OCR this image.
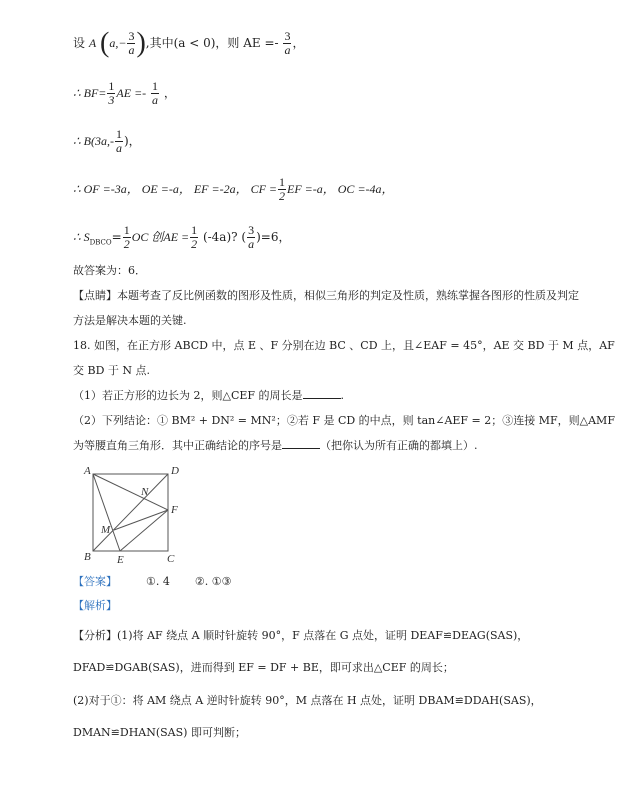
设 A ($a,- \frac{3}{a}$ ),其中(a < 0)，则 AE =- $\frac{3}{a}$ ，
∴ $BF= \frac{1}{3}$ AE =- $\frac{1}{a}$ ，
∴ $B(3a,- \frac{1}{a}$ )，
∴ OF =-3a， OE =-a， EF =-2a， CF = $\frac{1}{2}$ EF =-a， OC =-4a，
∴ $S_{DBCO}= \frac{1}{2}$ OC 创AE = $\frac{1}{2} (-4a)$? ( $\frac{3}{a} )=6$，
故答案为：6．
【点睛】本题考查了反比例函数的图形及性质，相似三角形的判定及性质，熟练掌握各图形的性质及判定
方法是解决本题的关键.
18. 如图，在正方形 ABCD 中，点 E 、F 分别在边 BC 、CD 上，且∠EAF = 45°，AE 交 BD 于 M 点，AF
交 BD 于 N 点.
（1）若正方形的边长为 2，则△CEF 的周长是	.
（2）下列结论：① BM² + DN² = MN²；②若 F 是 CD 的中点，则 tan∠AEF = 2；③连接 MF，则△AMF
为等腰直角三角形．其中正确结论的序号是	（把你认为所有正确的都填上）.
A	D
B	C
E
F
N
M
【答案】	①. 4 ②. ①③
【解析】
【分析】(1)将 AF 绕点 A 顺时针旋转 90°，F 点落在 G 点处，证明 DEAF≌DEAG(SAS)，
DFAD≌DGAB(SAS)，进而得到 EF = DF + BE，即可求出△CEF 的周长；
(2)对于①：将 AM 绕点 A 逆时针旋转 90°，M 点落在 H 点处，证明 DBAM≌DDAH(SAS)，
DMAN≌DHAN(SAS) 即可判断；
